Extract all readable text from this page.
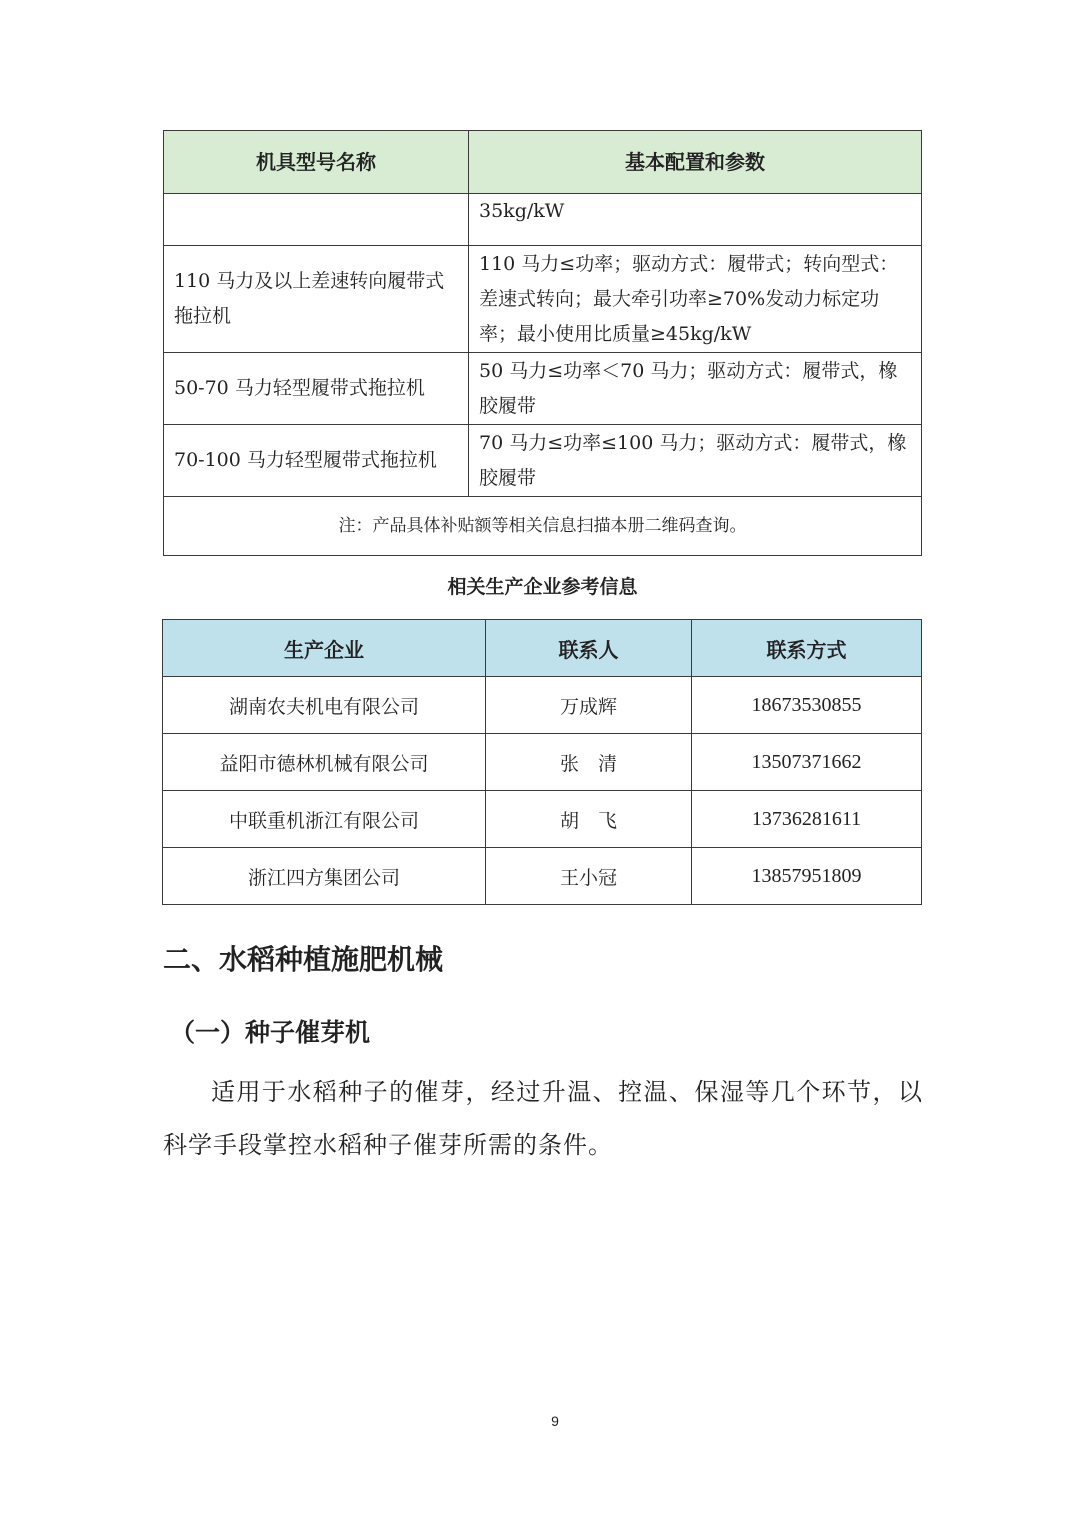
机具型号名称	基本配置和参数
	35kg/kW
110 马力及以上差速转向履带式拖拉机	110 马力≤功率；驱动方式：履带式；转向型式：差速式转向；最大牵引功率≥70%发动力标定功率；最小使用比质量≥45kg/kW
50-70 马力轻型履带式拖拉机	50 马力≤功率＜70 马力；驱动方式：履带式，橡胶履带
70-100 马力轻型履带式拖拉机	70 马力≤功率≤100 马力；驱动方式：履带式，橡胶履带
注：产品具体补贴额等相关信息扫描本册二维码查询。	
相关生产企业参考信息
生产企业	联系人	联系方式
湖南农夫机电有限公司	万成辉	18673530855
益阳市德林机械有限公司	张　清	13507371662
中联重机浙江有限公司	胡　飞	13736281611
浙江四方集团公司	王小冠	13857951809
二、水稻种植施肥机械
（一）种子催芽机

适用于水稻种子的催芽，经过升温、控温、保湿等几个环节，以科学手段掌控水稻种子催芽所需的条件。

9
